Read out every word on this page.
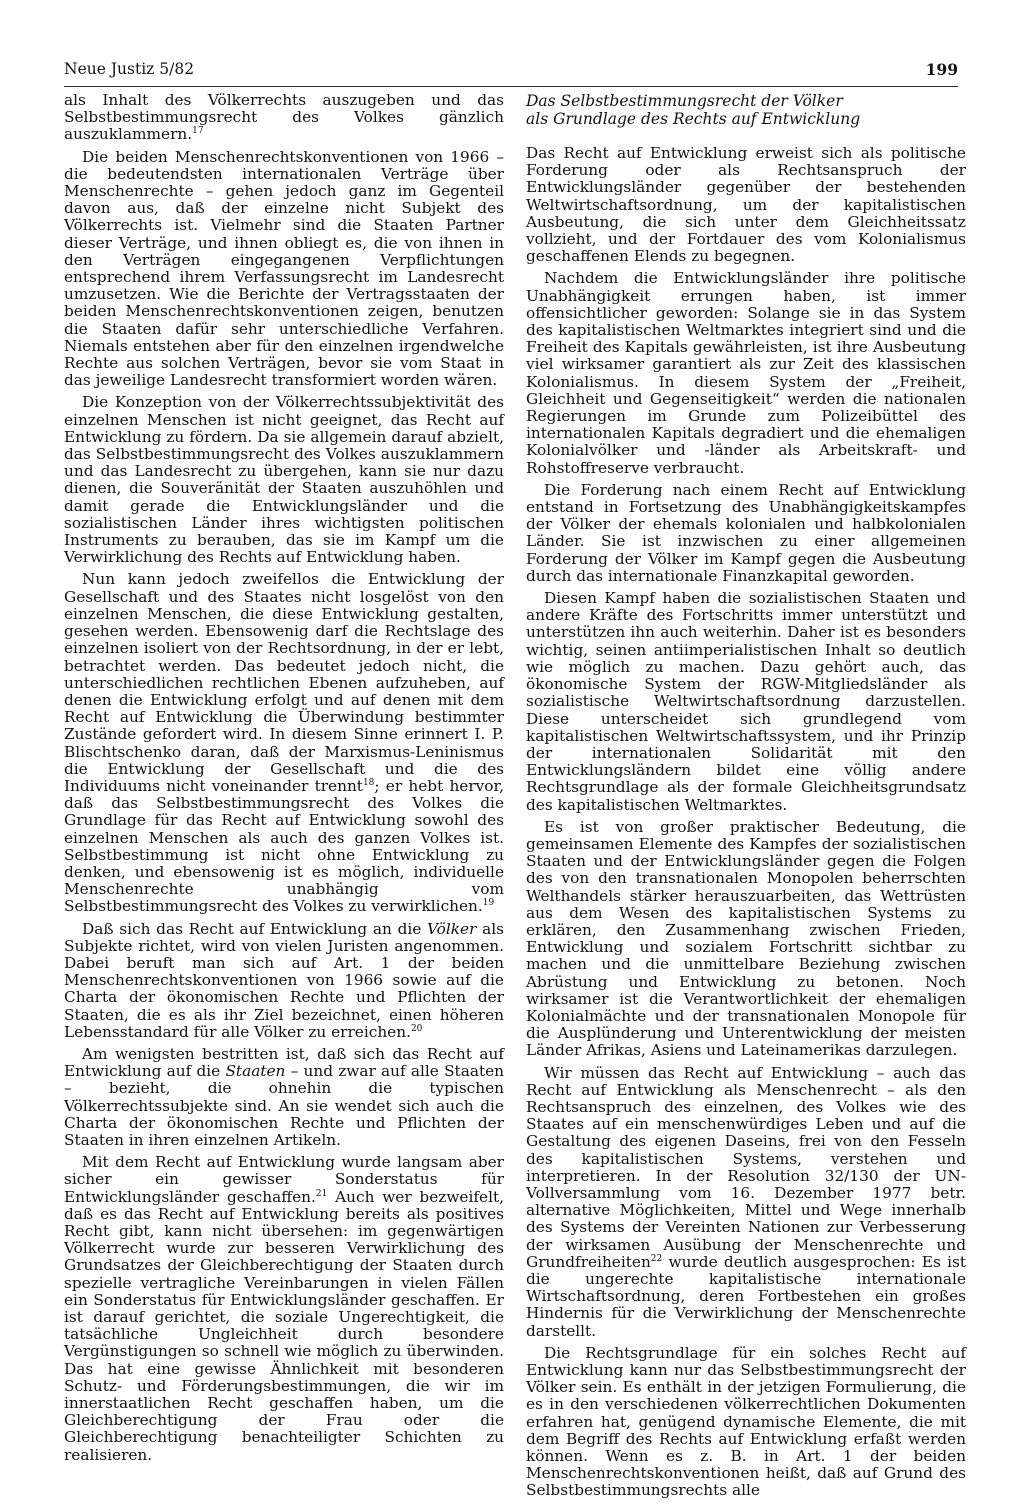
Neue Justiz 5/82	199

als Inhalt des Völkerrechts auszugeben und das Selbstbestimmungsrecht des Volkes gänzlich auszuklammern.$^{17}$

Die beiden Menschenrechtskonventionen von 1966 – die bedeutendsten internationalen Verträge über Menschenrechte – gehen jedoch ganz im Gegenteil davon aus, daß der einzelne nicht Subjekt des Völkerrechts ist. Vielmehr sind die Staaten Partner dieser Verträge, und ihnen obliegt es, die von ihnen in den Verträgen eingegangenen Verpflichtungen entsprechend ihrem Verfassungsrecht im Landesrecht umzusetzen. Wie die Berichte der Vertragsstaaten der beiden Menschenrechtskonventionen zeigen, benutzen die Staaten dafür sehr unterschiedliche Verfahren. Niemals entstehen aber für den einzelnen irgendwelche Rechte aus solchen Verträgen, bevor sie vom Staat in das jeweilige Landesrecht transformiert worden wären.

Die Konzeption von der Völkerrechtssubjektivität des einzelnen Menschen ist nicht geeignet, das Recht auf Entwicklung zu fördern. Da sie allgemein darauf abzielt, das Selbstbestimmungsrecht des Volkes auszuklammern und das Landesrecht zu übergehen, kann sie nur dazu dienen, die Souveränität der Staaten auszuhöhlen und damit gerade die Entwicklungsländer und die sozialistischen Länder ihres wichtigsten politischen Instruments zu berauben, das sie im Kampf um die Verwirklichung des Rechts auf Entwicklung haben.

Nun kann jedoch zweifellos die Entwicklung der Gesellschaft und des Staates nicht losgelöst von den einzelnen Menschen, die diese Entwicklung gestalten, gesehen werden. Ebensowenig darf die Rechtslage des einzelnen isoliert von der Rechtsordnung, in der er lebt, betrachtet werden. Das bedeutet jedoch nicht, die unterschiedlichen rechtlichen Ebenen aufzuheben, auf denen die Entwicklung erfolgt und auf denen mit dem Recht auf Entwicklung die Überwindung bestimmter Zustände gefordert wird. In diesem Sinne erinnert I. P. Blischtschenko daran, daß der Marxismus-Leninismus die Entwicklung der Gesellschaft und die des Individuums nicht voneinander trennt$^{18}$; er hebt hervor, daß das Selbstbestimmungsrecht des Volkes die Grundlage für das Recht auf Entwicklung sowohl des einzelnen Menschen als auch des ganzen Volkes ist. Selbstbestimmung ist nicht ohne Entwicklung zu denken, und ebensowenig ist es möglich, individuelle Menschenrechte unabhängig vom Selbstbestimmungsrecht des Volkes zu verwirklichen.$^{19}$

Daß sich das Recht auf Entwicklung an die Völker als Subjekte richtet, wird von vielen Juristen angenommen. Dabei beruft man sich auf Art. 1 der beiden Menschenrechtskonventionen von 1966 sowie auf die Charta der ökonomischen Rechte und Pflichten der Staaten, die es als ihr Ziel bezeichnet, einen höheren Lebensstandard für alle Völker zu erreichen.$^{20}$

Am wenigsten bestritten ist, daß sich das Recht auf Entwicklung auf die Staaten – und zwar auf alle Staaten – bezieht, die ohnehin die typischen Völkerrechtssubjekte sind. An sie wendet sich auch die Charta der ökonomischen Rechte und Pflichten der Staaten in ihren einzelnen Artikeln.

Mit dem Recht auf Entwicklung wurde langsam aber sicher ein gewisser Sonderstatus für Entwicklungsländer geschaffen.$^{21}$ Auch wer bezweifelt, daß es das Recht auf Entwicklung bereits als positives Recht gibt, kann nicht übersehen: im gegenwärtigen Völkerrecht wurde zur besseren Verwirklichung des Grundsatzes der Gleichberechtigung der Staaten durch spezielle vertragliche Vereinbarungen in vielen Fällen ein Sonderstatus für Entwicklungsländer geschaffen. Er ist darauf gerichtet, die soziale Ungerechtigkeit, die tatsächliche Ungleichheit durch besondere Vergünstigungen so schnell wie möglich zu überwinden. Das hat eine gewisse Ähnlichkeit mit besonderen Schutz- und Förderungsbestimmungen, die wir im innerstaatlichen Recht geschaffen haben, um die Gleichberechtigung der Frau oder die Gleichberechtigung benachteiligter Schichten zu realisieren.

Das Selbstbestimmungsrecht der Völker
als Grundlage des Rechts auf Entwicklung

Das Recht auf Entwicklung erweist sich als politische Forderung oder als Rechtsanspruch der Entwicklungsländer gegenüber der bestehenden Weltwirtschaftsordnung, um der kapitalistischen Ausbeutung, die sich unter dem Gleichheitssatz vollzieht, und der Fortdauer des vom Kolonialismus geschaffenen Elends zu begegnen.

Nachdem die Entwicklungsländer ihre politische Unabhängigkeit errungen haben, ist immer offensichtlicher geworden: Solange sie in das System des kapitalistischen Weltmarktes integriert sind und die Freiheit des Kapitals gewährleisten, ist ihre Ausbeutung viel wirksamer garantiert als zur Zeit des klassischen Kolonialismus. In diesem System der „Freiheit, Gleichheit und Gegenseitigkeit“ werden die nationalen Regierungen im Grunde zum Polizeibüttel des internationalen Kapitals degradiert und die ehemaligen Kolonialvölker und -länder als Arbeitskraft- und Rohstoffreserve verbraucht.

Die Forderung nach einem Recht auf Entwicklung entstand in Fortsetzung des Unabhängigkeitskampfes der Völker der ehemals kolonialen und halbkolonialen Länder. Sie ist inzwischen zu einer allgemeinen Forderung der Völker im Kampf gegen die Ausbeutung durch das internationale Finanzkapital geworden.

Diesen Kampf haben die sozialistischen Staaten und andere Kräfte des Fortschritts immer unterstützt und unterstützen ihn auch weiterhin. Daher ist es besonders wichtig, seinen antiimperialistischen Inhalt so deutlich wie möglich zu machen. Dazu gehört auch, das ökonomische System der RGW-Mitgliedsländer als sozialistische Weltwirtschaftsordnung darzustellen. Diese unterscheidet sich grundlegend vom kapitalistischen Weltwirtschaftssystem, und ihr Prinzip der internationalen Solidarität mit den Entwicklungsländern bildet eine völlig andere Rechtsgrundlage als der formale Gleichheitsgrundsatz des kapitalistischen Weltmarktes.

Es ist von großer praktischer Bedeutung, die gemeinsamen Elemente des Kampfes der sozialistischen Staaten und der Entwicklungsländer gegen die Folgen des von den transnationalen Monopolen beherrschten Welthandels stärker herauszuarbeiten, das Wettrüsten aus dem Wesen des kapitalistischen Systems zu erklären, den Zusammenhang zwischen Frieden, Entwicklung und sozialem Fortschritt sichtbar zu machen und die unmittelbare Beziehung zwischen Abrüstung und Entwicklung zu betonen. Noch wirksamer ist die Verantwortlichkeit der ehemaligen Kolonialmächte und der transnationalen Monopole für die Ausplünderung und Unterentwicklung der meisten Länder Afrikas, Asiens und Lateinamerikas darzulegen.

Wir müssen das Recht auf Entwicklung – auch das Recht auf Entwicklung als Menschenrecht – als den Rechtsanspruch des einzelnen, des Volkes wie des Staates auf ein menschenwürdiges Leben und auf die Gestaltung des eigenen Daseins, frei von den Fesseln des kapitalistischen Systems, verstehen und interpretieren. In der Resolution 32/130 der UN-Vollversammlung vom 16. Dezember 1977 betr. alternative Möglichkeiten, Mittel und Wege innerhalb des Systems der Vereinten Nationen zur Verbesserung der wirksamen Ausübung der Menschenrechte und Grundfreiheiten$^{22}$ wurde deutlich ausgesprochen: Es ist die ungerechte kapitalistische internationale Wirtschaftsordnung, deren Fortbestehen ein großes Hindernis für die Verwirklichung der Menschenrechte darstellt.

Die Rechtsgrundlage für ein solches Recht auf Entwicklung kann nur das Selbstbestimmungsrecht der Völker sein. Es enthält in der jetzigen Formulierung, die es in den verschiedenen völkerrechtlichen Dokumenten erfahren hat, genügend dynamische Elemente, die mit dem Begriff des Rechts auf Entwicklung erfaßt werden können. Wenn es z. B. in Art. 1 der beiden Menschenrechtskonventionen heißt, daß auf Grund des Selbstbestimmungsrechts alle
